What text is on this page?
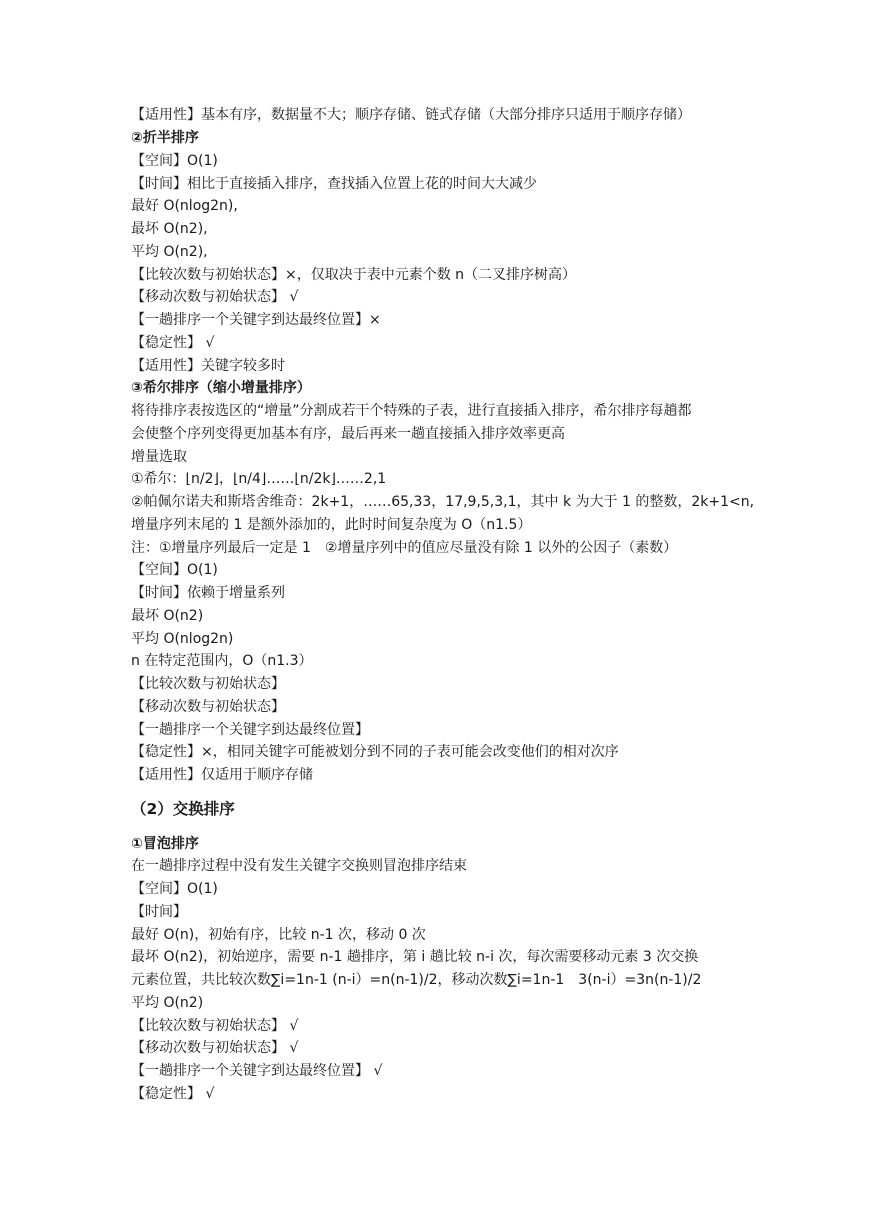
【适用性】基本有序，数据量不大；顺序存储、链式存储（大部分排序只适用于顺序存储）
②折半排序
【空间】O(1)
【时间】相比于直接插入排序，查找插入位置上花的时间大大减少
最好 O(nlog2n),
最坏 O(n2),
平均 O(n2),
【比较次数与初始状态】×，仅取决于表中元素个数 n（二叉排序树高）
【移动次数与初始状态】 √
【一趟排序一个关键字到达最终位置】×
【稳定性】 √
【适用性】关键字较多时
③希尔排序（缩小增量排序）
将待排序表按选区的“增量”分割成若干个特殊的子表，进行直接插入排序，希尔排序每趟都
会使整个序列变得更加基本有序，最后再来一趟直接插入排序效率更高
增量选取
①希尔：⌊n/2⌋，⌊n/4⌋……⌊n/2k⌋……2,1
②帕佩尔诺夫和斯塔舍维奇：2k+1，……65,33，17,9,5,3,1，其中 k 为大于 1 的整数，2k+1<n,
增量序列末尾的 1 是额外添加的，此时时间复杂度为 O（n1.5）
注：①增量序列最后一定是 1　②增量序列中的值应尽量没有除 1 以外的公因子（素数）
【空间】O(1)
【时间】依赖于增量系列
最坏 O(n2)
平均 O(nlog2n)
n 在特定范围内，O（n1.3）
【比较次数与初始状态】
【移动次数与初始状态】
【一趟排序一个关键字到达最终位置】
【稳定性】×，相同关键字可能被划分到不同的子表可能会改变他们的相对次序
【适用性】仅适用于顺序存储
（2）交换排序
①冒泡排序
在一趟排序过程中没有发生关键字交换则冒泡排序结束
【空间】O(1)
【时间】
最好 O(n)，初始有序，比较 n-1 次，移动 0 次
最坏 O(n2)，初始逆序，需要 n-1 趟排序，第 i 趟比较 n-i 次，每次需要移动元素 3 次交换
元素位置，共比较次数∑i=1n-1 (n-i）=n(n-1)/2，移动次数∑i=1n-1　3(n-i）=3n(n-1)/2
平均 O(n2)
【比较次数与初始状态】 √
【移动次数与初始状态】 √
【一趟排序一个关键字到达最终位置】 √
【稳定性】 √
